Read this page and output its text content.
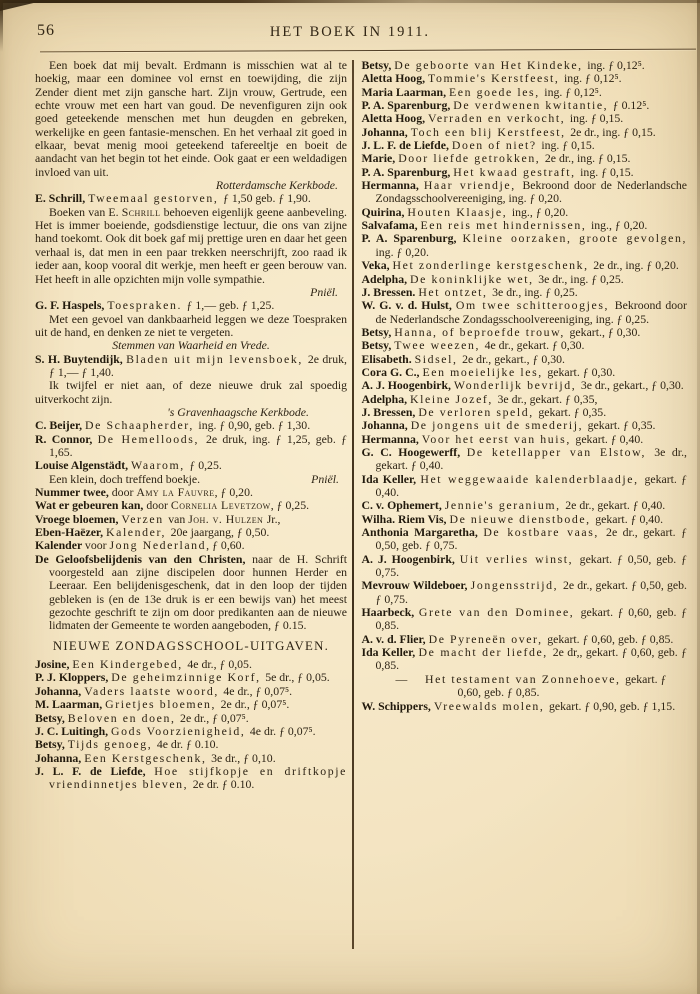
56	HET BOEK IN 1911.

Een boek dat mij bevalt. Erdmann is misschien wat al te hoekig, maar een dominee vol ernst en toewijding, die zijn Zender dient met zijn gansche hart. Zijn vrouw, Gertrude, een echte vrouw met een hart van goud. De nevenfiguren zijn ook goed geteekende menschen met hun deugden en gebreken, werkelijke en geen fantasie-menschen. En het verhaal zit goed in elkaar, bevat menig mooi geteekend tafereeltje en boeit de aandacht van het begin tot het einde. Ook gaat er een weldadigen invloed van uit.

Rotterdamsche Kerkbode.

E. Schrill, Tweemaal gestorven, ƒ 1,50 geb. ƒ 1,90.

Boeken van E. Schrill behoeven eigenlijk geene aanbeveling. Het is immer boeiende, godsdienstige lectuur, die ons van zijne hand toekomt. Ook dit boek gaf mij prettige uren en daar het geen verhaal is, dat men in een paar trekken neerschrijft, zoo raad ik ieder aan, koop vooral dit werkje, men heeft er geen berouw van. Het heeft in alle opzichten mijn volle sympathie.

Pniël.

G. F. Haspels, Toespraken. ƒ 1,— geb. ƒ 1,25.

Met een gevoel van dankbaarheid leggen we deze Toespraken uit de hand, en denken ze niet te vergeten.

Stemmen van Waarheid en Vrede.

S. H. Buytendijk, Bladen uit mijn levensboek, 2e druk, ƒ 1,— ƒ 1,40.

Ik twijfel er niet aan, of deze nieuwe druk zal spoedig uitverkocht zijn.

's Gravenhaagsche Kerkbode.

C. Beijer, De Schaapherder, ing. ƒ 0,90, geb. ƒ 1,30.

R. Connor, De Hemelloods, 2e druk, ing. ƒ 1,25, geb. ƒ 1,65.

Louise Algenstädt, Waarom, ƒ 0,25.

Pniël.
Een klein, doch treffend boekje.

Nummer twee, door Amy la Fauvre, ƒ 0,20.

Wat er gebeuren kan, door Cornelia Levetzow, ƒ 0,25.

Vroege bloemen, Verzen van Joh. v. Hulzen Jr.,

Eben-Haëzer, Kalender, 20e jaargang, ƒ 0,50.

Kalender voor Jong Nederland, ƒ 0,60.

De Geloofsbelijdenis van den Christen, naar de H. Schrift voorgesteld aan zijne discipelen door hunnen Herder en Leeraar. Een belijdenisgeschenk, dat in den loop der tijden gebleken is (en de 13e druk is er een bewijs van) het meest gezochte geschrift te zijn om door predikanten aan de nieuwe lidmaten der Gemeente te worden aangeboden, ƒ 0.15.

NIEUWE ZONDAGSSCHOOL-UITGAVEN.

Josine, Een Kindergebed, 4e dr., ƒ 0,05.

P. J. Kloppers, De geheimzinnige Korf, 5e dr., ƒ 0,05.

Johanna, Vaders laatste woord, 4e dr., ƒ 0,07⁵.

M. Laarman, Grietjes bloemen, 2e dr., ƒ 0,07⁵.

Betsy, Beloven en doen, 2e dr., ƒ 0,07⁵.

J. C. Luitingh, Gods Voorzienigheid, 4e dr. ƒ 0,07⁵.

Betsy, Tijds genoeg, 4e dr. ƒ 0.10.

Johanna, Een Kerstgeschenk, 3e dr., ƒ 0,10.

J. L. F. de Liefde, Hoe stijfkopje en driftkopje vriendinnetjes bleven, 2e dr. ƒ 0.10.

Betsy, De geboorte van Het Kindeke, ing. ƒ 0,12⁵.

Aletta Hoog, Tommie's Kerstfeest, ing. ƒ 0,12⁵.

Maria Laarman, Een goede les, ing. ƒ 0,12⁵.

P. A. Sparenburg, De verdwenen kwitantie, ƒ 0.12⁵.

Aletta Hoog, Verraden en verkocht, ing. ƒ 0,15.

Johanna, Toch een blij Kerstfeest, 2e dr., ing. ƒ 0,15.

J. L. F. de Liefde, Doen of niet? ing. ƒ 0,15.

Marie, Door liefde getrokken, 2e dr., ing. ƒ 0,15.

P. A. Sparenburg, Het kwaad gestraft, ing. ƒ 0,15.

Hermanna, Haar vriendje, Bekroond door de Nederlandsche Zondagsschoolvereeniging, ing. ƒ 0,20.

Quirina, Houten Klaasje, ing., ƒ 0,20.

Salvafama, Een reis met hindernissen, ing., ƒ 0,20.

P. A. Sparenburg, Kleine oorzaken, groote gevolgen, ing. ƒ 0,20.

Veka, Het zonderlinge kerstgeschenk, 2e dr., ing. ƒ 0,20.

Adelpha, De koninklijke wet, 3e dr., ing. ƒ 0,25.

J. Bressen. Het ontzet, 3e dr., ing. ƒ 0,25.

W. G. v. d. Hulst, Om twee schitteroogjes, Bekroond door de Nederlandsche Zondagsschoolvereeniging, ing. ƒ 0,25.

Betsy, Hanna, of beproefde trouw, gekart., ƒ 0,30.

Betsy, Twee weezen, 4e dr., gekart. ƒ 0,30.

Elisabeth. Sidsel, 2e dr., gekart., ƒ 0,30.

Cora G. C., Een moeielijke les, gekart. ƒ 0,30.

A. J. Hoogenbirk, Wonderlijk bevrijd, 3e dr., gekart., ƒ 0,30.

Adelpha, Kleine Jozef, 3e dr., gekart. ƒ 0,35,

J. Bressen, De verloren speld, gekart. ƒ 0,35.

Johanna, De jongens uit de smederij, gekart. ƒ 0,35.

Hermanna, Voor het eerst van huis, gekart. ƒ 0,40.

G. C. Hoogewerff, De ketellapper van Elstow, 3e dr., gekart. ƒ 0,40.

Ida Keller, Het weggewaaide kalenderblaadje, gekart. ƒ 0,40.

C. v. Ophemert, Jennie's geranium, 2e dr., gekart. ƒ 0,40.

Wilha. Riem Vis, De nieuwe dienstbode, gekart. ƒ 0,40.

Anthonia Margaretha, De kostbare vaas, 2e dr., gekart. ƒ 0,50, geb. ƒ 0,75.

A. J. Hoogenbirk, Uit verlies winst, gekart. ƒ 0,50, geb. ƒ 0,75.

Mevrouw Wildeboer, Jongensstrijd, 2e dr., gekart. ƒ 0,50, geb. ƒ 0,75.

Haarbeck, Grete van den Dominee, gekart. ƒ 0,60, geb. ƒ 0,85.

A. v. d. Flier, De Pyreneën over, gekart. ƒ 0,60, geb. ƒ 0,85.

Ida Keller, De macht der liefde, 2e dr,, gekart. ƒ 0,60, geb. ƒ 0,85.

—  Het testament van Zonnehoeve, gekart. ƒ 0,60, geb. ƒ 0,85.

W. Schippers, Vreewalds molen, gekart. ƒ 0,90, geb. ƒ 1,15.
